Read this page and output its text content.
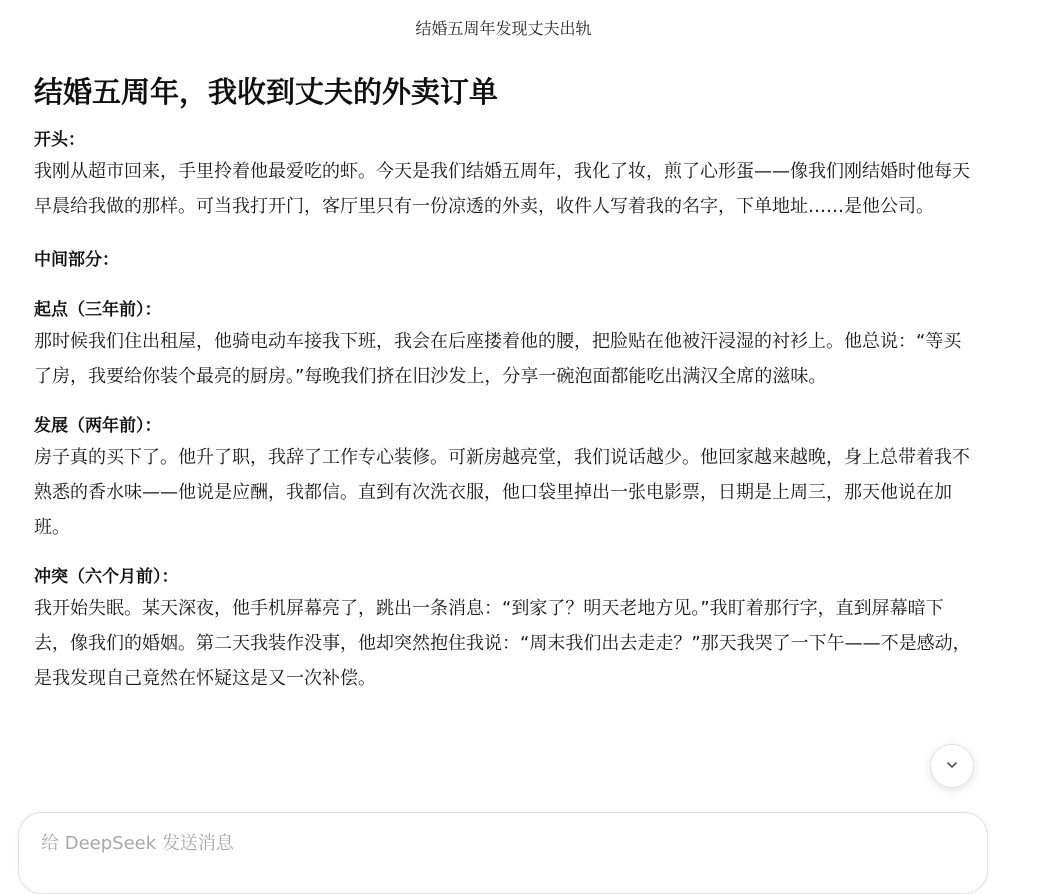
结婚五周年发现丈夫出轨
结婚五周年，我收到丈夫的外卖订单

开头：

我刚从超市回来，手里拎着他最爱吃的虾。今天是我们结婚五周年，我化了妆，煎了心形蛋——像我们刚结婚时他每天早晨给我做的那样。可当我打开门，客厅里只有一份凉透的外卖，收件人写着我的名字，下单地址……是他公司。

中间部分：

起点（三年前）：

那时候我们住出租屋，他骑电动车接我下班，我会在后座搂着他的腰，把脸贴在他被汗浸湿的衬衫上。他总说：“等买了房，我要给你装个最亮的厨房。”每晚我们挤在旧沙发上，分享一碗泡面都能吃出满汉全席的滋味。

发展（两年前）：

房子真的买下了。他升了职，我辞了工作专心装修。可新房越亮堂，我们说话越少。他回家越来越晚，身上总带着我不熟悉的香水味——他说是应酬，我都信。直到有次洗衣服，他口袋里掉出一张电影票，日期是上周三，那天他说在加班。

冲突（六个月前）：

我开始失眠。某天深夜，他手机屏幕亮了，跳出一条消息：“到家了？明天老地方见。”我盯着那行字，直到屏幕暗下去，像我们的婚姻。第二天我装作没事，他却突然抱住我说：“周末我们出去走走？”那天我哭了一下午——不是感动，是我发现自己竟然在怀疑这是又一次补偿。

给 DeepSeek 发送消息
